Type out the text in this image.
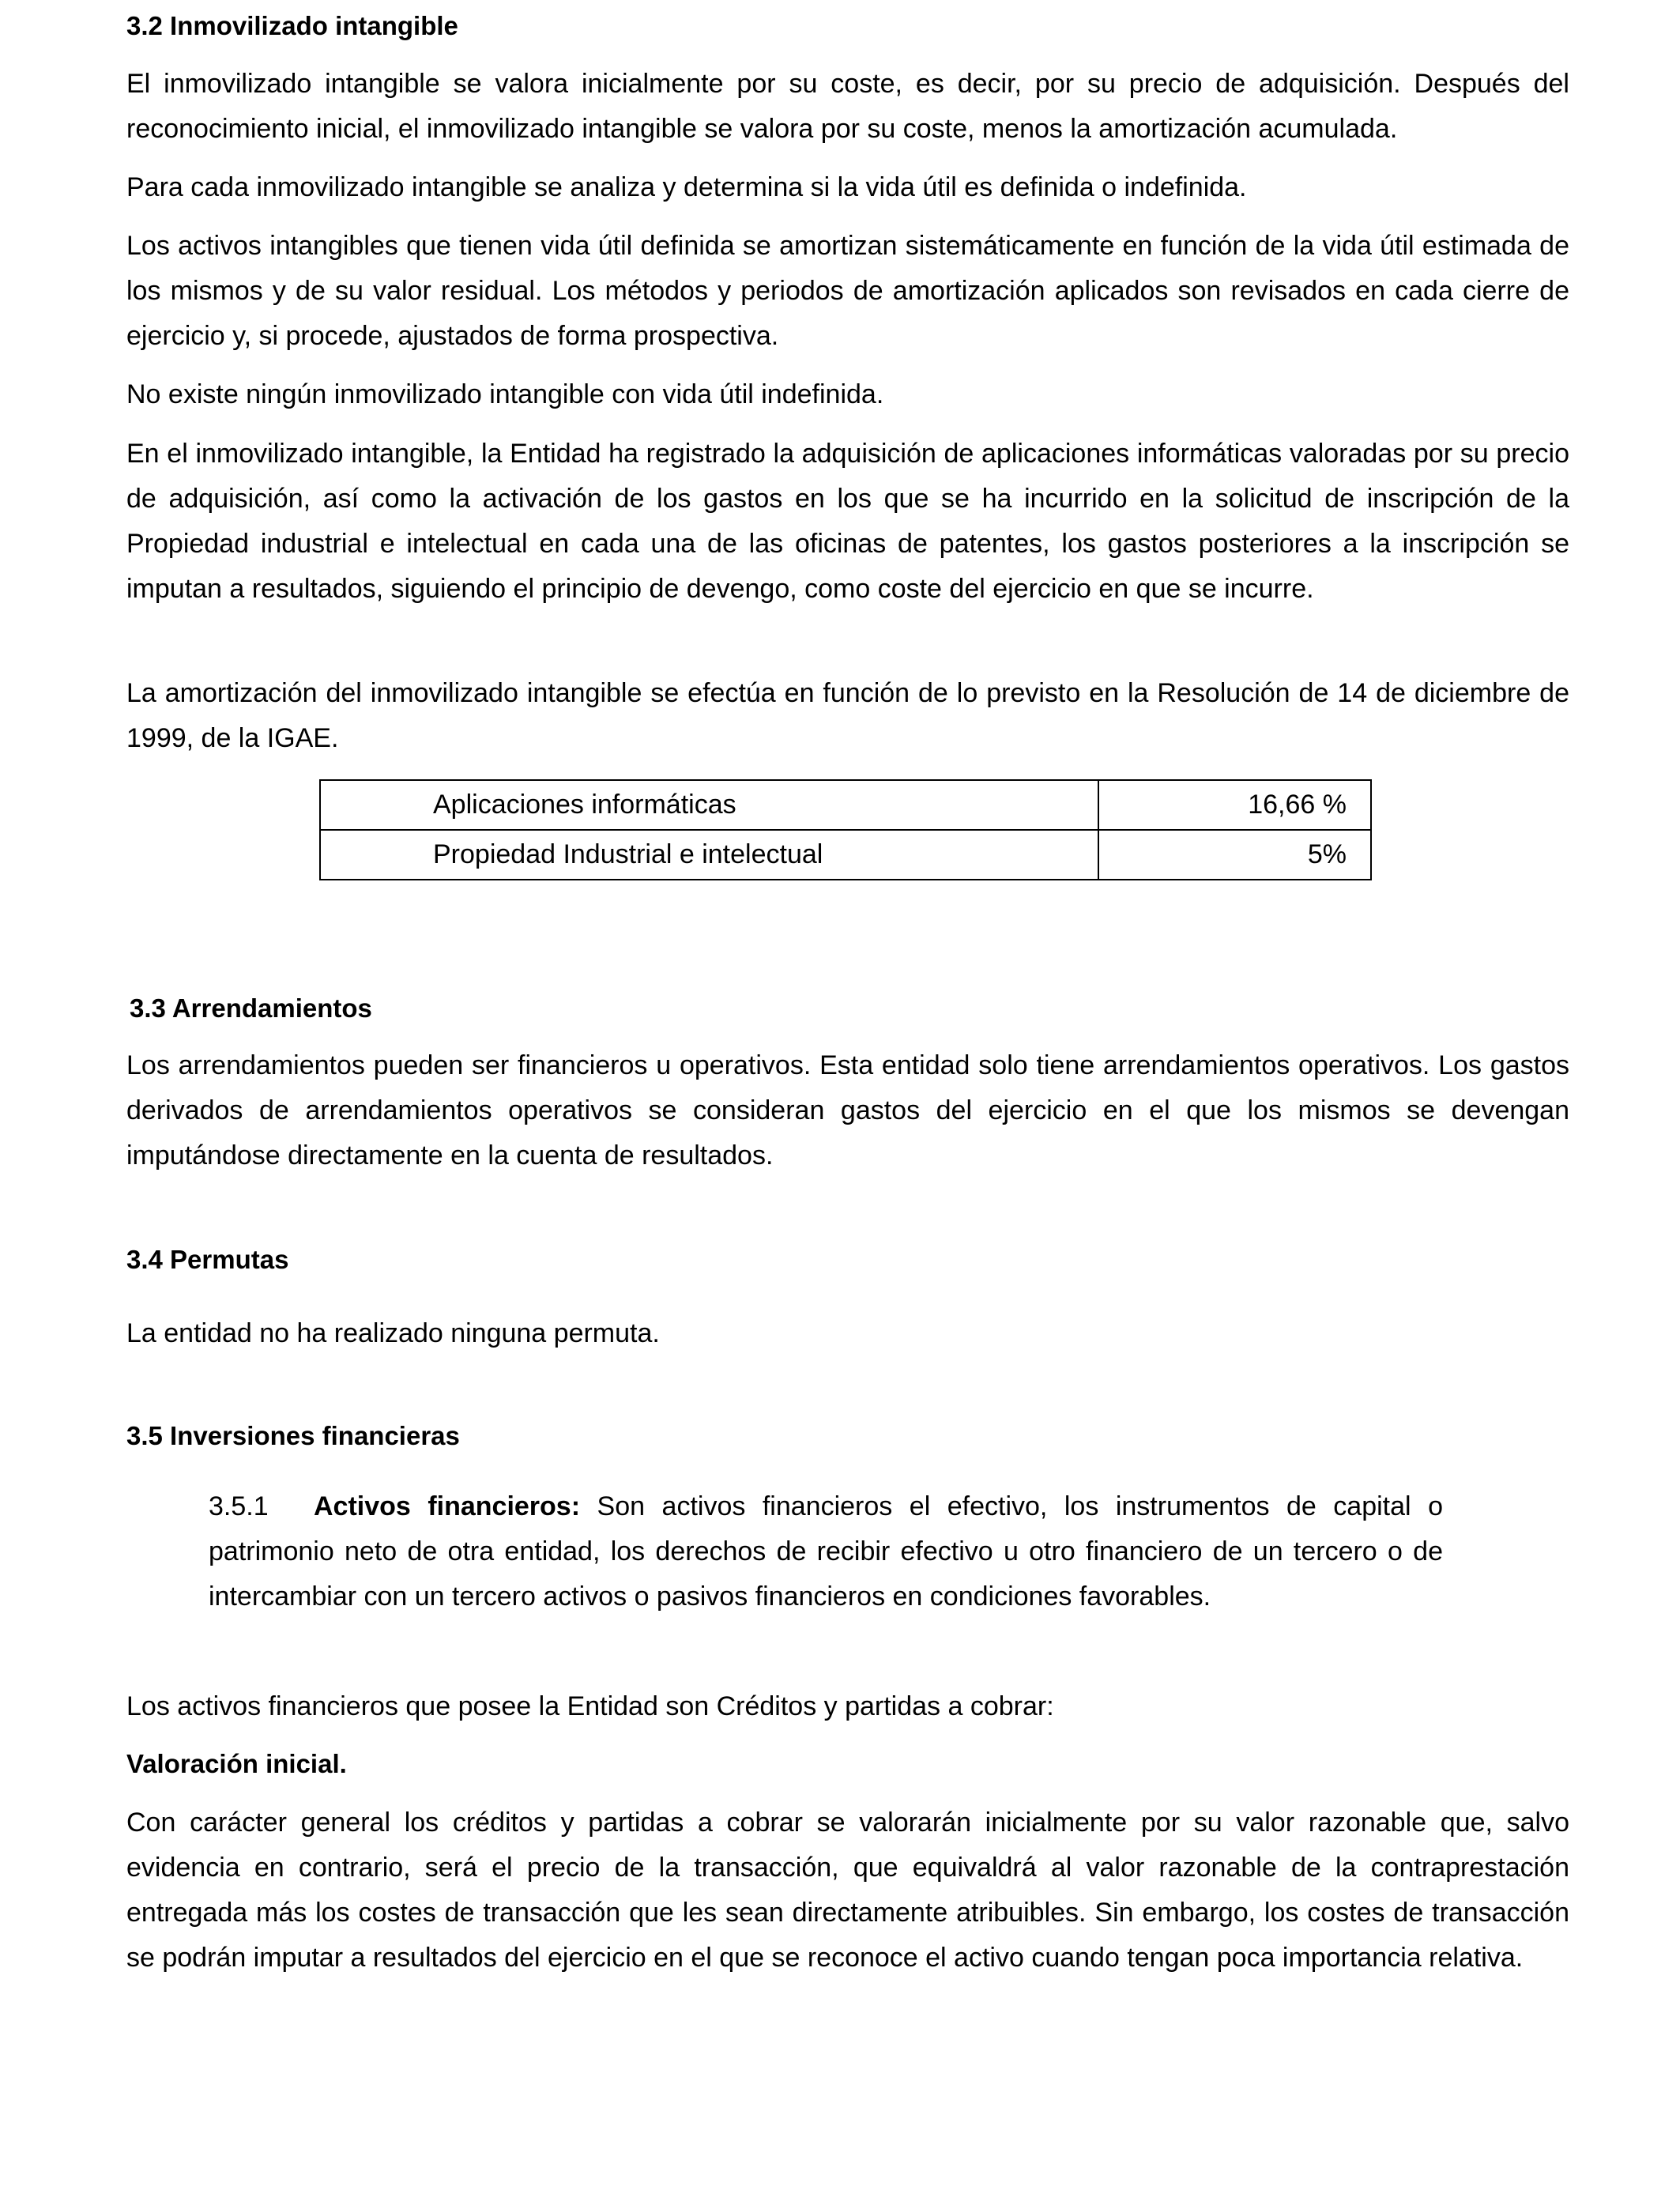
3.2 Inmovilizado intangible

El inmovilizado intangible se valora inicialmente por su coste, es decir, por su precio de adquisición. Después del reconocimiento inicial, el inmovilizado intangible se valora por su coste, menos la amortización acumulada.

Para cada inmovilizado intangible se analiza y determina si la vida útil es definida o indefinida.

Los activos intangibles que tienen vida útil definida se amortizan sistemáticamente en función de la vida útil estimada de los mismos y de su valor residual. Los métodos y periodos de amortización aplicados son revisados en cada cierre de ejercicio y, si procede, ajustados de forma prospectiva.

No existe ningún inmovilizado intangible con vida útil indefinida.

En el inmovilizado intangible, la Entidad ha registrado la adquisición de aplicaciones informáticas valoradas por su precio de adquisición, así como la activación de los gastos en los que se ha incurrido en la solicitud de inscripción de la Propiedad industrial e intelectual en cada una de las oficinas de patentes, los gastos posteriores a la inscripción se imputan a resultados, siguiendo el principio de devengo, como coste del ejercicio en que se incurre.

La amortización del inmovilizado intangible se efectúa en función de lo previsto en la Resolución de 14 de diciembre de 1999, de la IGAE.

Aplicaciones informáticas	16,66 %
Propiedad Industrial e intelectual	5%
3.3 Arrendamientos

Los arrendamientos pueden ser financieros u operativos. Esta entidad solo tiene arrendamientos operativos. Los gastos derivados de arrendamientos operativos se consideran gastos del ejercicio en el que los mismos se devengan imputándose directamente en la cuenta de resultados.

3.4 Permutas

La entidad no ha realizado ninguna permuta.

3.5 Inversiones financieras

3.5.1 Activos financieros: Son activos financieros el efectivo, los instrumentos de capital o patrimonio neto de otra entidad, los derechos de recibir efectivo u otro financiero de un tercero o de intercambiar con un tercero activos o pasivos financieros en condiciones favorables.

Los activos financieros que posee la Entidad son Créditos y partidas a cobrar:

Valoración inicial.

Con carácter general los créditos y partidas a cobrar se valorarán inicialmente por su valor razonable que, salvo evidencia en contrario, será el precio de la transacción, que equivaldrá al valor razonable de la contraprestación entregada más los costes de transacción que les sean directamente atribuibles. Sin embargo, los costes de transacción se podrán imputar a resultados del ejercicio en el que se reconoce el activo cuando tengan poca importancia relativa.
